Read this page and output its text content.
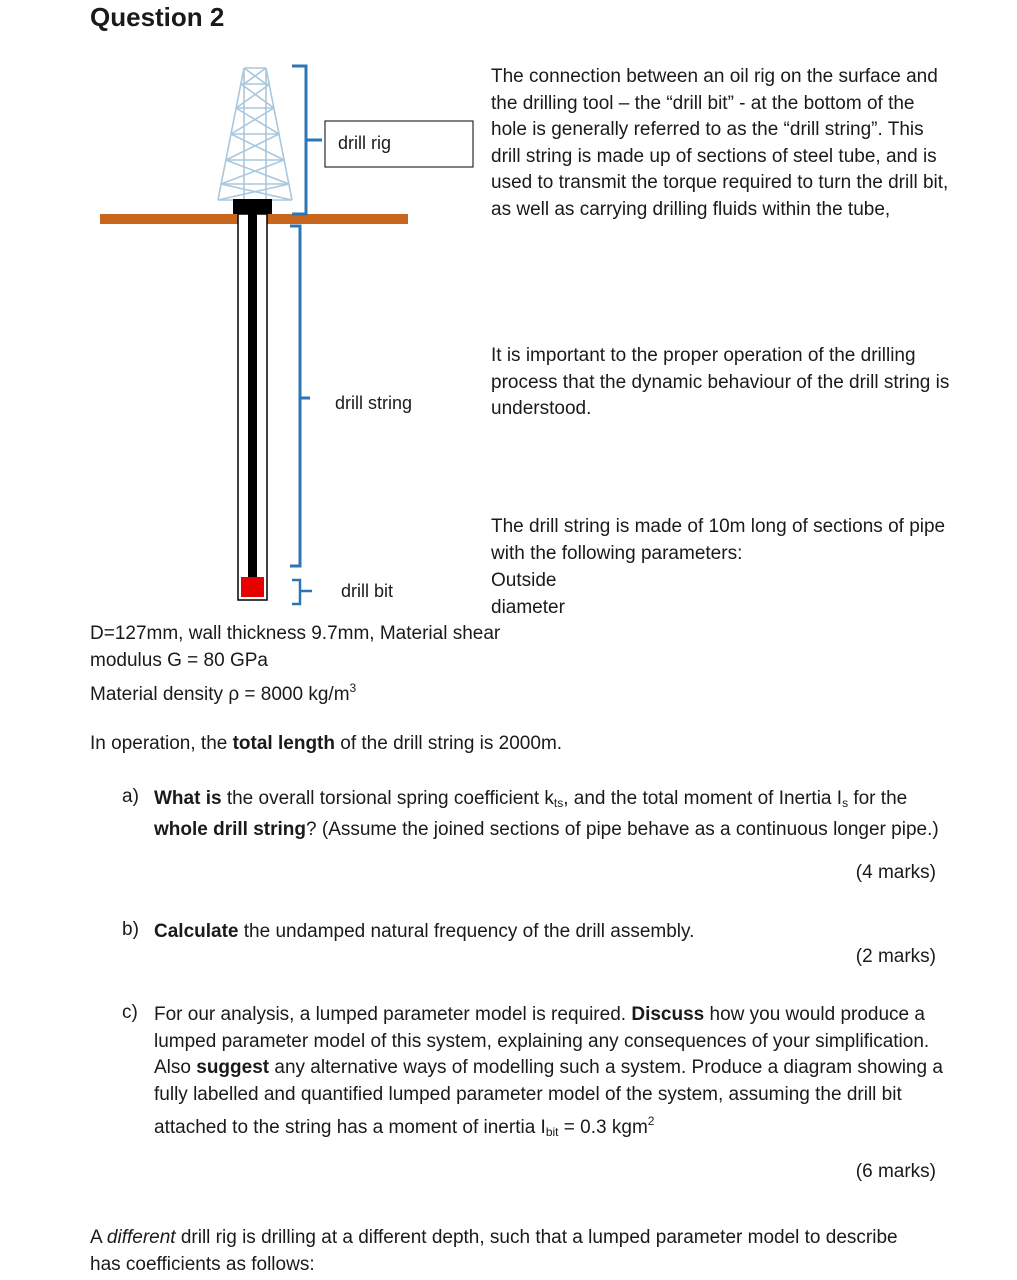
Question 2
drill rig
drill string
drill bit
The connection between an oil rig on the surface and the drilling tool – the “drill bit” - at the bottom of the hole is generally referred to as the “drill string”. This drill string is made up of sections of steel tube, and is used to transmit the torque required to turn the drill bit, as well as carrying drilling fluids within the tube,
It is important to the proper operation of the drilling process that the dynamic behaviour of the drill string is understood.
The drill string is made of 10m long of sections of pipe with the following parameters:
Outside
diameter
D=127mm, wall thickness 9.7mm, Material shear
modulus G = 80 GPa
Material density ρ = 8000 $kg/m^3$
In operation, the total length of the drill string is 2000m.
a) What is the overall torsional spring coefficient $k_{ts}$, and the total moment of Inertia $I_s$ for the whole drill string? (Assume the joined sections of pipe behave as a continuous longer pipe.)
(4 marks)
b) Calculate the undamped natural frequency of the drill assembly.
(2 marks)
c) For our analysis, a lumped parameter model is required. Discuss how you would produce a lumped parameter model of this system, explaining any consequences of your simplification. Also suggest any alternative ways of modelling such a system. Produce a diagram showing a fully labelled and quantified lumped parameter model of the system, assuming the drill bit attached to the string has a moment of inertia $I_{bit} = 0.3$ kgm$^2$
(6 marks)
A different drill rig is drilling at a different depth, such that a lumped parameter model to describe has coefficients as follows:
